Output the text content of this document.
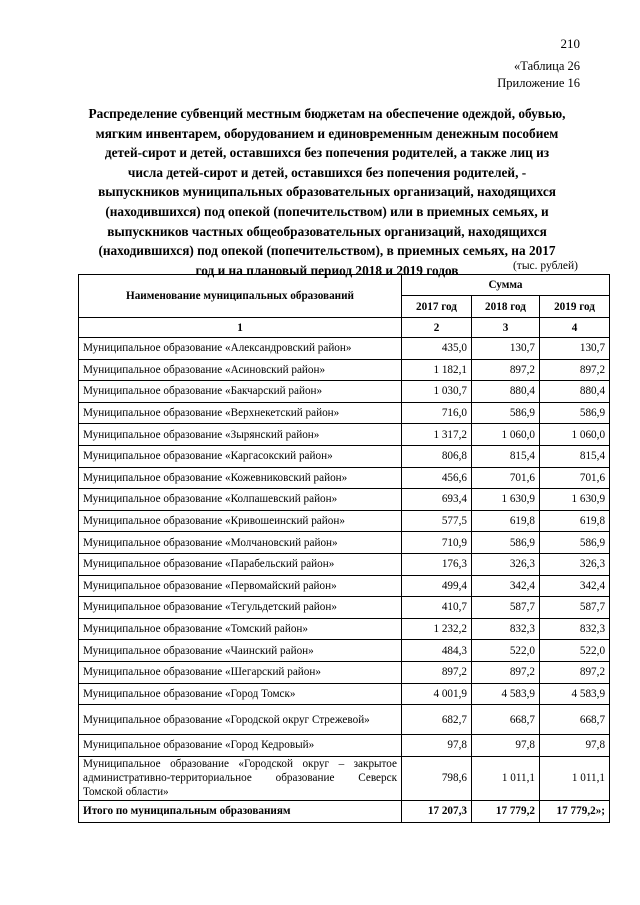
210
«Таблица 26
Приложение 16
Распределение субвенций местным бюджетам на обеспечение одеждой, обувью,
мягким инвентарем, оборудованием и единовременным денежным пособием
детей-сирот и детей, оставшихся без попечения родителей, а также лиц из
числа детей-сирот и детей, оставшихся без попечения родителей, -
выпускников муниципальных образовательных организаций, находящихся
(находившихся) под опекой (попечительством) или в приемных семьях, и
выпускников частных общеобразовательных организаций, находящихся
(находившихся) под опекой (попечительством), в приемных семьях, на 2017
год и на плановый период 2018 и 2019 годов	(тыс. рублей)
Наименование муниципальных образований	Сумма		
	2017 год	2018 год	2019 год
1	2	3	4
Муниципальное образование «Александровский район»	435,0	130,7	130,7
Муниципальное образование «Асиновский район»	1 182,1	897,2	897,2
Муниципальное образование «Бакчарский район»	1 030,7	880,4	880,4
Муниципальное образование «Верхнекетский район»	716,0	586,9	586,9
Муниципальное образование «Зырянский район»	1 317,2	1 060,0	1 060,0
Муниципальное образование «Каргасокский район»	806,8	815,4	815,4
Муниципальное образование «Кожевниковский район»	456,6	701,6	701,6
Муниципальное образование «Колпашевский район»	693,4	1 630,9	1 630,9
Муниципальное образование «Кривошеинский район»	577,5	619,8	619,8
Муниципальное образование «Молчановский район»	710,9	586,9	586,9
Муниципальное образование «Парабельский район»	176,3	326,3	326,3
Муниципальное образование «Первомайский район»	499,4	342,4	342,4
Муниципальное образование «Тегульдетский район»	410,7	587,7	587,7
Муниципальное образование «Томский район»	1 232,2	832,3	832,3
Муниципальное образование «Чаинский район»	484,3	522,0	522,0
Муниципальное образование «Шегарский район»	897,2	897,2	897,2
Муниципальное образование «Город Томск»	4 001,9	4 583,9	4 583,9
Муниципальное образование «Городской округ Стрежевой»	682,7	668,7	668,7
Муниципальное образование «Город Кедровый»	97,8	97,8	97,8
Муниципальное образование «Городской округ – закрытое административно-территориальное образование Северск Томской области»	798,6	1 011,1	1 011,1
Итого по муниципальным образованиям	17 207,3	17 779,2	17 779,2»;
